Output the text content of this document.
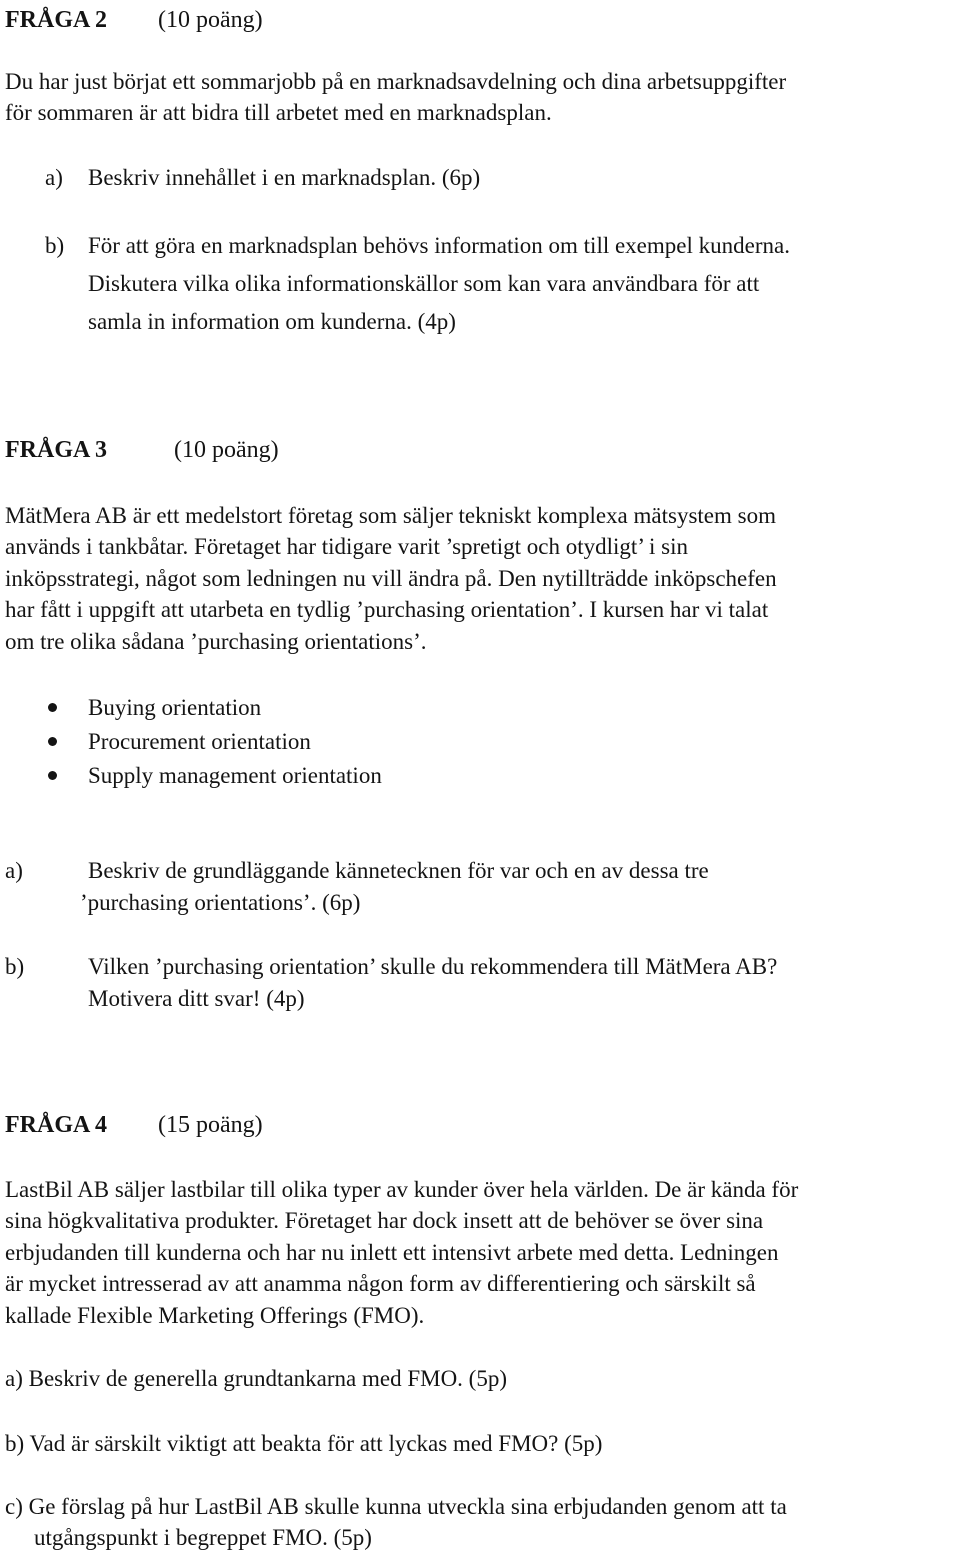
FRÅGA 2 (10 poäng)
Du har just börjat ett sommarjobb på en marknadsavdelning och dina arbetsuppgifter
för sommaren är att bidra till arbetet med en marknadsplan.
a) Beskriv innehållet i en marknadsplan. (6p)
b) För att göra en marknadsplan behövs information om till exempel kunderna.
Diskutera vilka olika informationskällor som kan vara användbara för att
samla in information om kunderna. (4p)
FRÅGA 3	(10 poäng)
MätMera AB är ett medelstort företag som säljer tekniskt komplexa mätsystem som
används i tankbåtar. Företaget har tidigare varit ’spretigt och otydligt’ i sin
inköpsstrategi, något som ledningen nu vill ändra på. Den nytillträdde inköpschefen
har fått i uppgift att utarbeta en tydlig ’purchasing orientation’. I kursen har vi talat
om tre olika sådana ’purchasing orientations’.
Buying orientation
Procurement orientation
Supply management orientation
a)	Beskriv de grundläggande kännetecknen för var och en av dessa tre
’purchasing orientations’. (6p)
b)	Vilken ’purchasing orientation’ skulle du rekommendera till MätMera AB?
Motivera ditt svar! (4p)
FRÅGA 4 (15 poäng)
LastBil AB säljer lastbilar till olika typer av kunder över hela världen. De är kända för
sina högkvalitativa produkter. Företaget har dock insett att de behöver se över sina
erbjudanden till kunderna och har nu inlett ett intensivt arbete med detta. Ledningen
är mycket intresserad av att anamma någon form av differentiering och särskilt så
kallade Flexible Marketing Offerings (FMO).
a) Beskriv de generella grundtankarna med FMO. (5p)
b) Vad är särskilt viktigt att beakta för att lyckas med FMO? (5p)
c) Ge förslag på hur LastBil AB skulle kunna utveckla sina erbjudanden genom att ta
utgångspunkt i begreppet FMO. (5p)
